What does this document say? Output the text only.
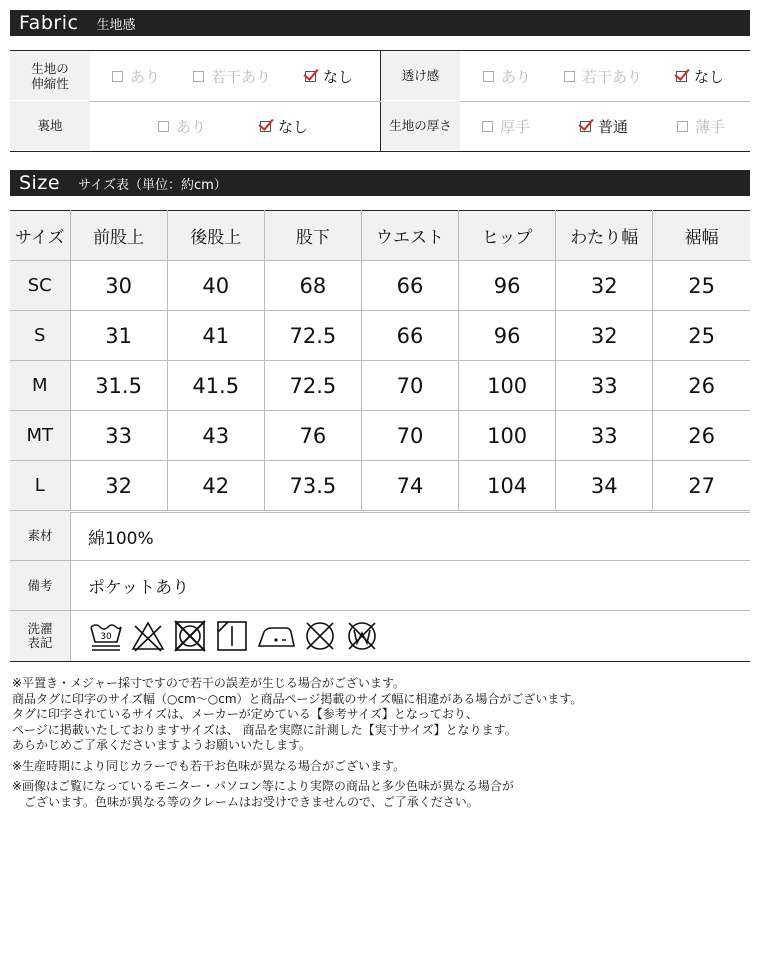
Fabric 生地感
生地の
伸縮性	あり	若干あり	なし	透け感	あり	若干あり	なし
裏地	あり	なし	生地の厚さ	厚手	普通	薄手
Size サイズ表（単位：約cm）
サイズ	前股上	後股上	股下	ウエスト	ヒップ	わたり幅	裾幅
SC	30	40	68	66	96	32	25
S	31	41	72.5	66	96	32	25
M	31.5	41.5	72.5	70	100	33	26
MT	33	43	76	70	100	33	26
L	32	42	73.5	74	104	34	27
素材	綿100%
備考	ポケットあり
洗濯
表記	30

※平置き・メジャー採寸ですので若干の誤差が生じる場合がございます。

商品タグに印字のサイズ幅（○cm～○cm）と商品ページ掲載のサイズ幅に相違がある場合がございます。

タグに印字されているサイズは、メーカーが定めている【参考サイズ】となっており、

ページに掲載いたしておりますサイズは、 商品を実際に計測した【実寸サイズ】となります。

あらかじめご了承くださいますようお願いいたします。

※生産時期により同じカラーでも若干お色味が異なる場合がございます。

※画像はご覧になっているモニター・パソコン等により実際の商品と多少色味が異なる場合が

　ございます。色味が異なる等のクレームはお受けできませんので、ご了承ください。
